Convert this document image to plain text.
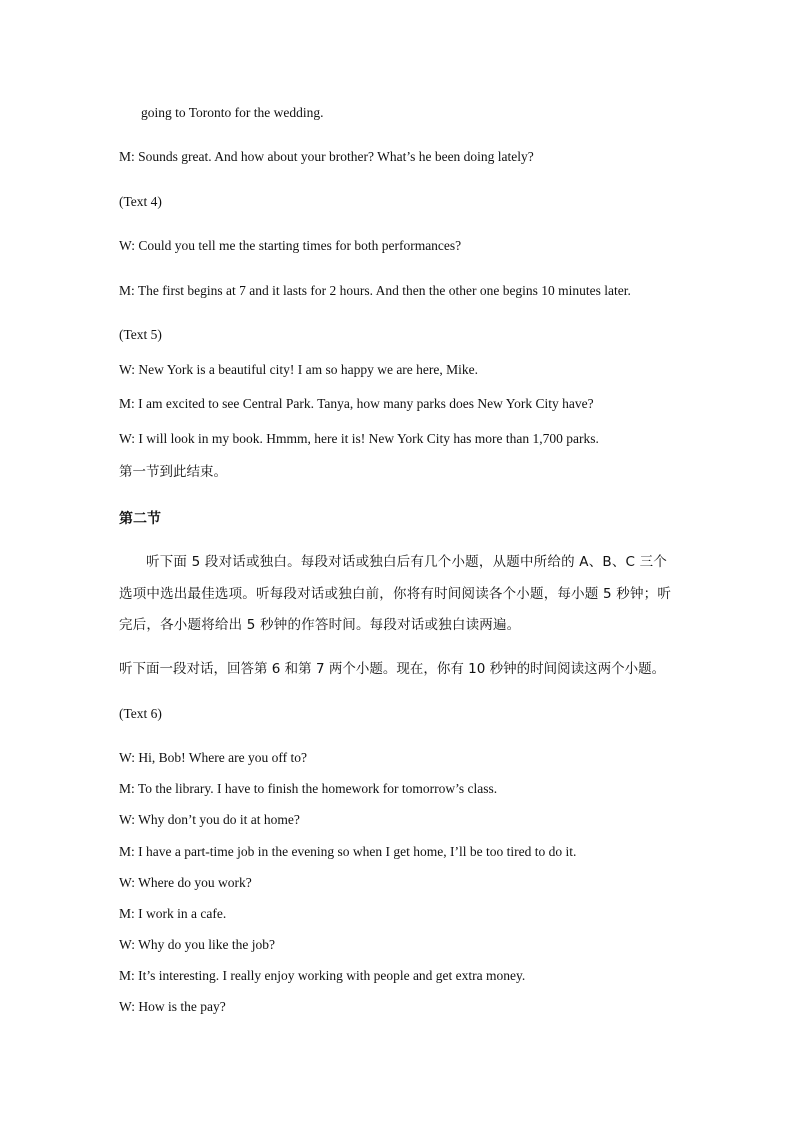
going to Toronto for the wedding.
M: Sounds great. And how about your brother? What’s he been doing lately?
(Text 4)
W: Could you tell me the starting times for both performances?
M: The first begins at 7 and it lasts for 2 hours. And then the other one begins 10 minutes later.
(Text 5)
W: New York is a beautiful city! I am so happy we are here, Mike.
M: I am excited to see Central Park. Tanya, how many parks does New York City have?
W: I will look in my book. Hmmm, here it is! New York City has more than 1,700 parks.
第一节到此结束。
第二节
听下面 5 段对话或独白。每段对话或独白后有几个小题，从题中所给的 A、B、C 三个选项中选出最佳选项。听每段对话或独白前，你将有时间阅读各个小题，每小题 5 秒钟；听完后，各小题将给出 5 秒钟的作答时间。每段对话或独白读两遍。
听下面一段对话，回答第 6 和第 7 两个小题。现在，你有 10 秒钟的时间阅读这两个小题。
(Text 6)
W: Hi, Bob! Where are you off to?
M: To the library. I have to finish the homework for tomorrow’s class.
W: Why don’t you do it at home?
M: I have a part-time job in the evening so when I get home, I’ll be too tired to do it.
W: Where do you work?
M: I work in a cafe.
W: Why do you like the job?
M: It’s interesting. I really enjoy working with people and get extra money.
W: How is the pay?
